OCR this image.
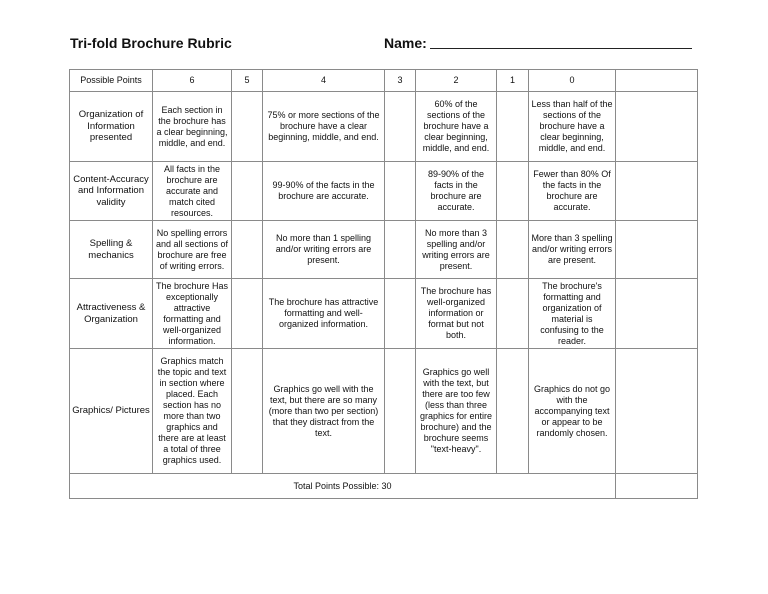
Tri-fold Brochure Rubric	Name:
Possible Points	6	5	4	3	2	1	0	
Organization of Information presented	Each section in the brochure has a clear beginning, middle, and end.		75% or more sections of the brochure have a clear beginning, middle, and end.		60% of the sections of the brochure have a clear beginning, middle, and end.		Less than half of the sections of the brochure have a clear beginning, middle, and end.	
Content-Accuracy and Information validity	All facts in the brochure are accurate and match cited resources.		99-90% of the facts in the brochure are accurate.		89-90% of the facts in the brochure are accurate.		Fewer than 80% Of the facts in the brochure are accurate.	
Spelling & mechanics	No spelling errors and all sections of brochure are free of writing errors.		No more than 1 spelling and/or writing errors are present.		No more than 3 spelling and/or writing errors are present.		More than 3 spelling and/or writing errors are present.	
Attractiveness & Organization	The brochure Has exceptionally attractive formatting and well-organized information.		The brochure has attractive formatting and well-organized information.		The brochure has well-organized information or format but not both.		The brochure's formatting and organization of material is confusing to the reader.	
Graphics/ Pictures	Graphics match the topic and text in section where placed. Each section has no more than two graphics and there are at least a total of three graphics used.		Graphics go well with the text, but there are so many (more than two per section) that they distract from the text.		Graphics go well with the text, but there are too few (less than three graphics for entire brochure) and the brochure seems "text-heavy".		Graphics do not go with the accompanying text or appear to be randomly chosen.	
Total Points Possible: 30								
